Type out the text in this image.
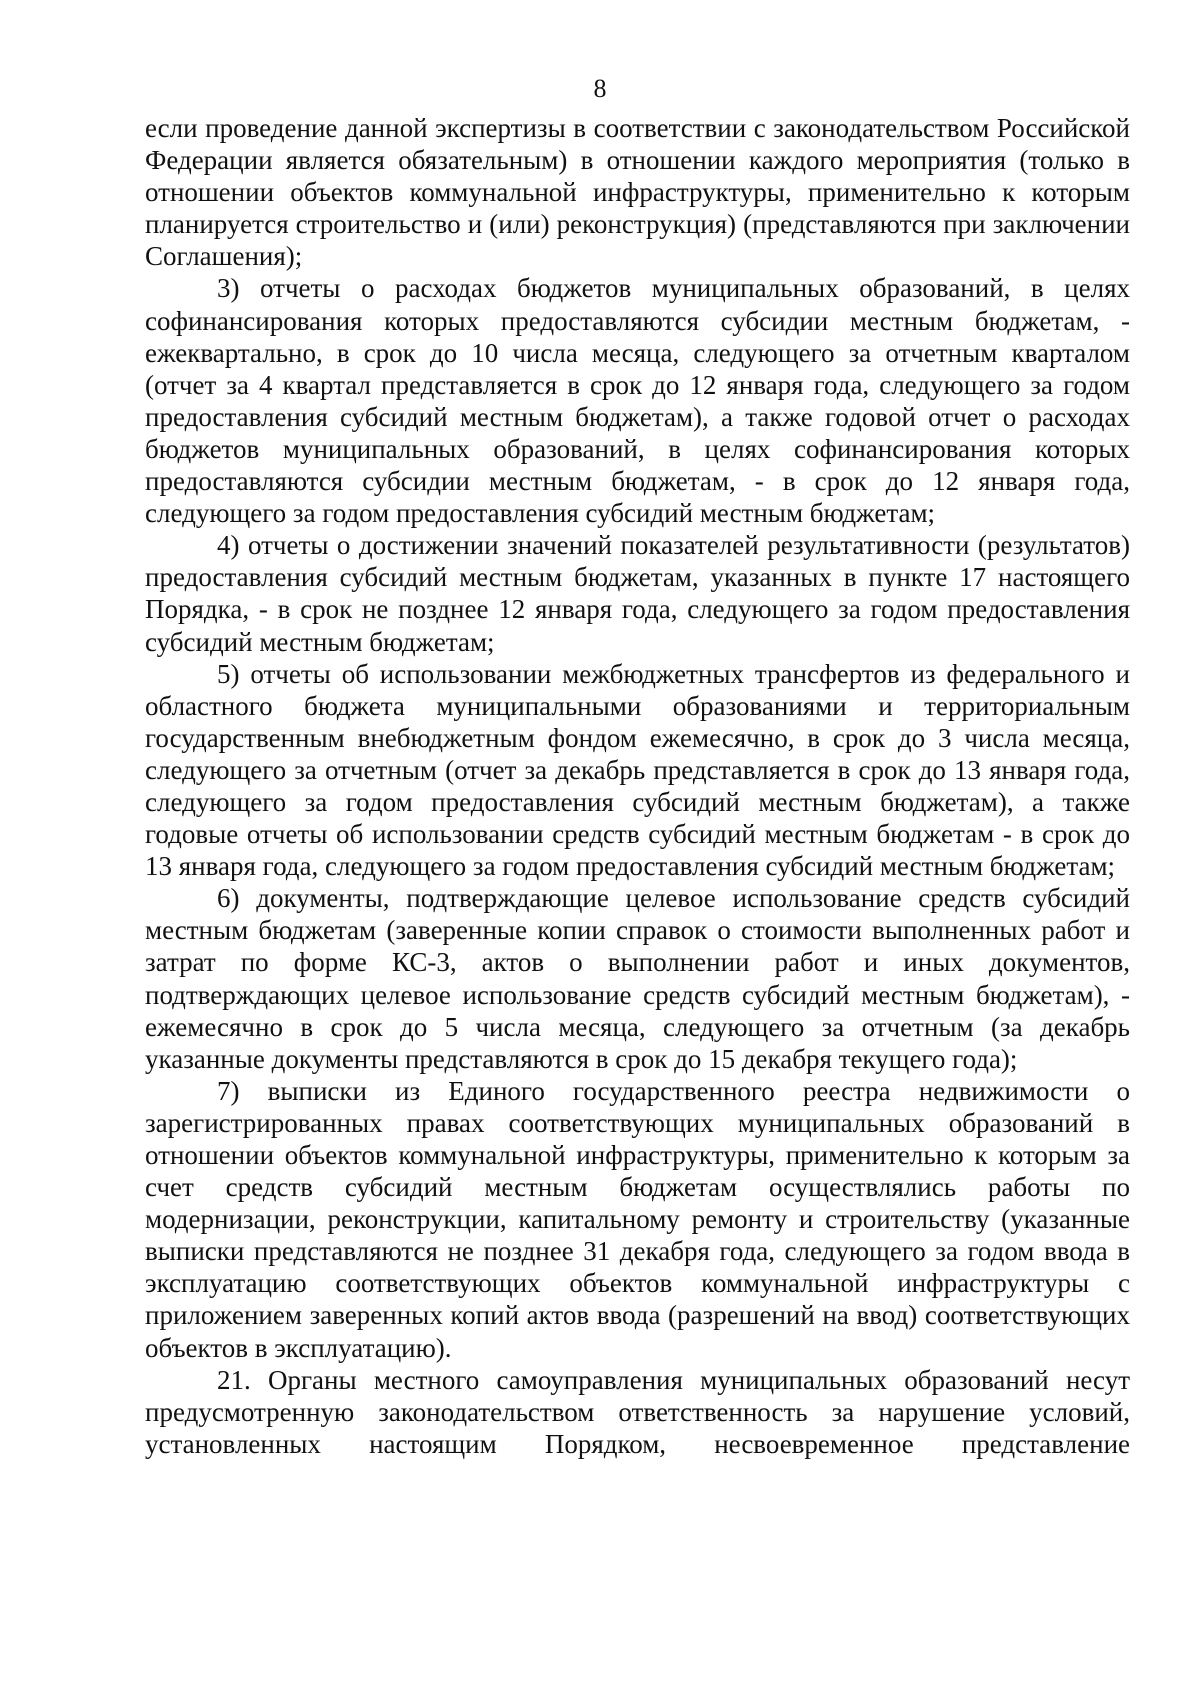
8

если проведение данной экспертизы в соответствии с законодательством Российской Федерации является обязательным) в отношении каждого мероприятия (только в отношении объектов коммунальной инфраструктуры, применительно к которым планируется строительство и (или) реконструкция) (представляются при заключении Соглашения);

3) отчеты о расходах бюджетов муниципальных образований, в целях софинансирования которых предоставляются субсидии местным бюджетам, - ежеквартально, в срок до 10 числа месяца, следующего за отчетным кварталом (отчет за 4 квартал представляется в срок до 12 января года, следующего за годом предоставления субсидий местным бюджетам), а также годовой отчет о расходах бюджетов муниципальных образований, в целях софинансирования которых предоставляются субсидии местным бюджетам, - в срок до 12 января года, следующего за годом предоставления субсидий местным бюджетам;

4) отчеты о достижении значений показателей результативности (результатов) предоставления субсидий местным бюджетам, указанных в пункте 17 настоящего Порядка, - в срок не позднее 12 января года, следующего за годом предоставления субсидий местным бюджетам;

5) отчеты об использовании межбюджетных трансфертов из федерального и областного бюджета муниципальными образованиями и территориальным государственным внебюджетным фондом ежемесячно, в срок до 3 числа месяца, следующего за отчетным (отчет за декабрь представляется в срок до 13 января года, следующего за годом предоставления субсидий местным бюджетам), а также годовые отчеты об использовании средств субсидий местным бюджетам - в срок до 13 января года, следующего за годом предоставления субсидий местным бюджетам;

6) документы, подтверждающие целевое использование средств субсидий местным бюджетам (заверенные копии справок о стоимости выполненных работ и затрат по форме КС-3, актов о выполнении работ и иных документов, подтверждающих целевое использование средств субсидий местным бюджетам), - ежемесячно в срок до 5 числа месяца, следующего за отчетным (за декабрь указанные документы представляются в срок до 15 декабря текущего года);

7) выписки из Единого государственного реестра недвижимости о зарегистрированных правах соответствующих муниципальных образований в отношении объектов коммунальной инфраструктуры, применительно к которым за счет средств субсидий местным бюджетам осуществлялись работы по модернизации, реконструкции, капитальному ремонту и строительству (указанные выписки представляются не позднее 31 декабря года, следующего за годом ввода в эксплуатацию соответствующих объектов коммунальной инфраструктуры с приложением заверенных копий актов ввода (разрешений на ввод) соответствующих объектов в эксплуатацию).

21. Органы местного самоуправления муниципальных образований несут предусмотренную законодательством ответственность за нарушение условий, установленных настоящим Порядком, несвоевременное представление
